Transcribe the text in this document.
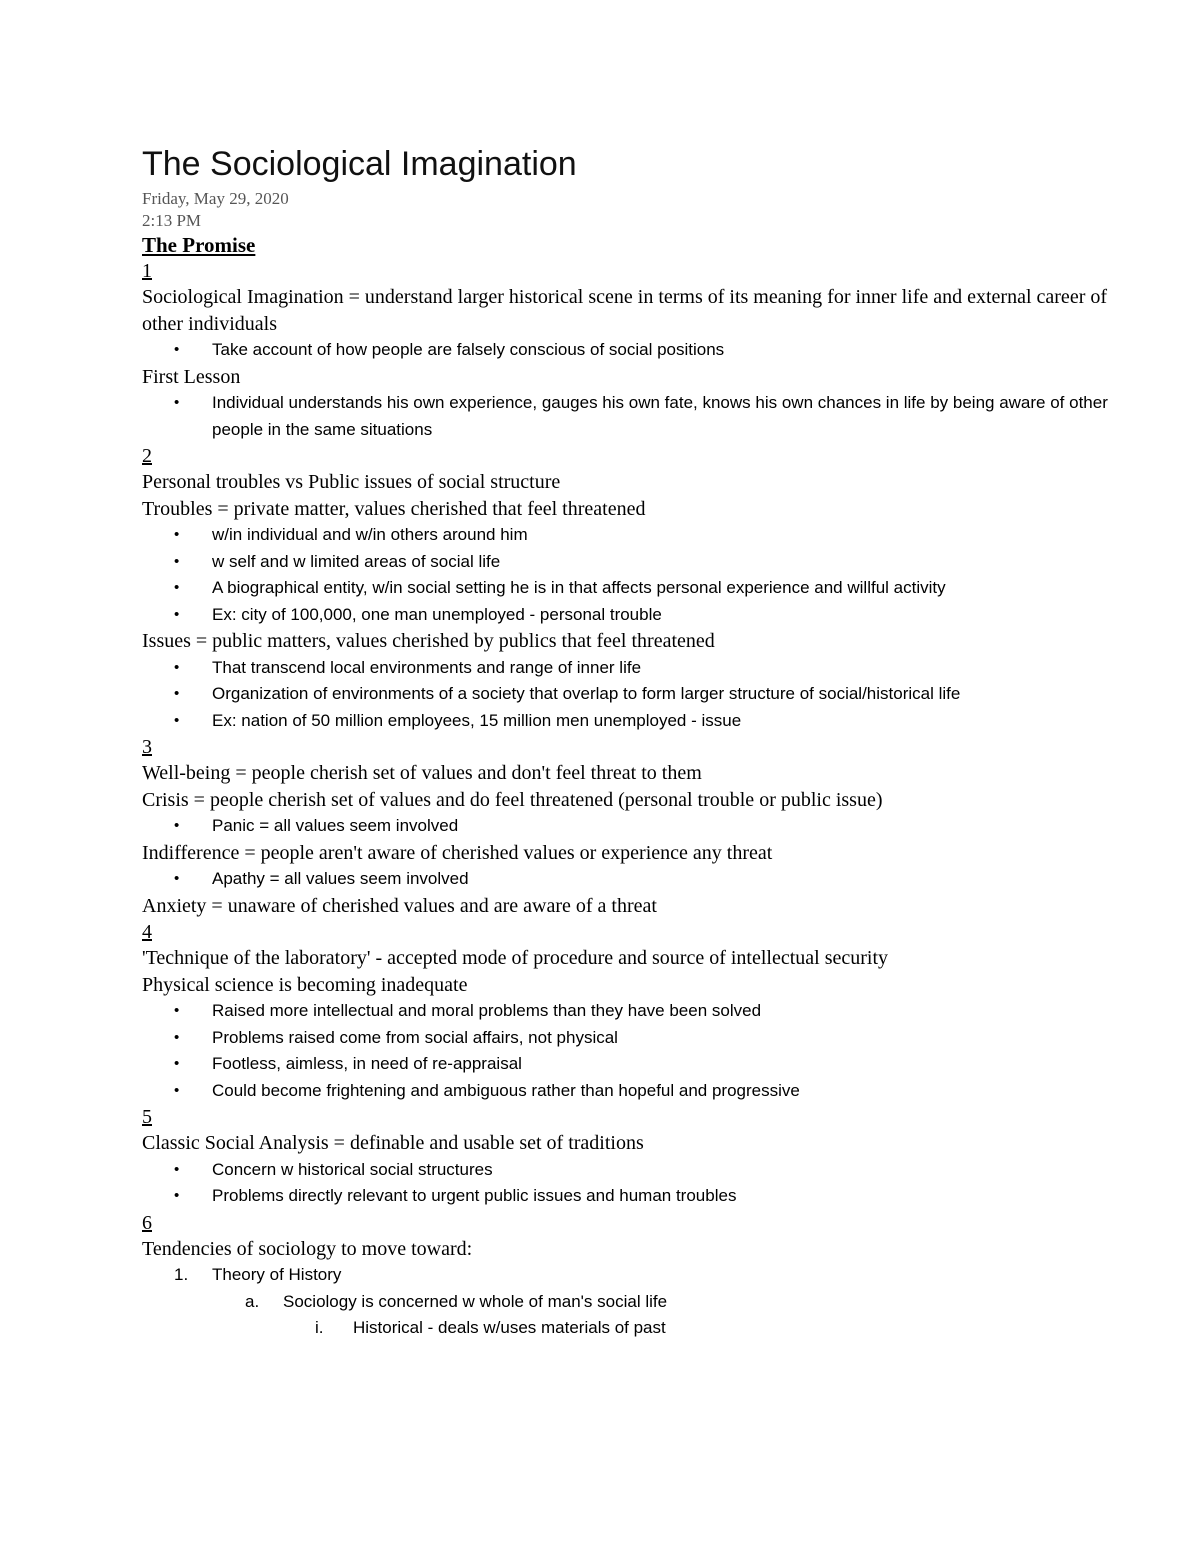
The Sociological Imagination
Friday, May 29, 2020
2:13 PM
The Promise
1
Sociological Imagination = understand larger historical scene in terms of its meaning for inner life and external career of other individuals
• Take account of how people are falsely conscious of social positions
First Lesson
• Individual understands his own experience, gauges his own fate, knows his own chances in life by being aware of other people in the same situations
2
Personal troubles vs Public issues of social structure
Troubles = private matter, values cherished that feel threatened
• w/in individual and w/in others around him
• w self and w limited areas of social life
• A biographical entity, w/in social setting he is in that affects personal experience and willful activity
• Ex: city of 100,000, one man unemployed - personal trouble
Issues = public matters, values cherished by publics that feel threatened
• That transcend local environments and range of inner life
• Organization of environments of a society that overlap to form larger structure of social/historical life
• Ex: nation of 50 million employees, 15 million men unemployed - issue
3
Well-being = people cherish set of values and don't feel threat to them
Crisis = people cherish set of values and do feel threatened (personal trouble or public issue)
• Panic = all values seem involved
Indifference = people aren't aware of cherished values or experience any threat
• Apathy = all values seem involved
Anxiety = unaware of cherished values and are aware of a threat
4
'Technique of the laboratory' - accepted mode of procedure and source of intellectual security
Physical science is becoming inadequate
• Raised more intellectual and moral problems than they have been solved
• Problems raised come from social affairs, not physical
• Footless, aimless, in need of re-appraisal
• Could become frightening and ambiguous rather than hopeful and progressive
5
Classic Social Analysis = definable and usable set of traditions
• Concern w historical social structures
• Problems directly relevant to urgent public issues and human troubles
6
Tendencies of sociology to move toward:
1. Theory of History
a. Sociology is concerned w whole of man's social life
i. Historical - deals w/uses materials of past
